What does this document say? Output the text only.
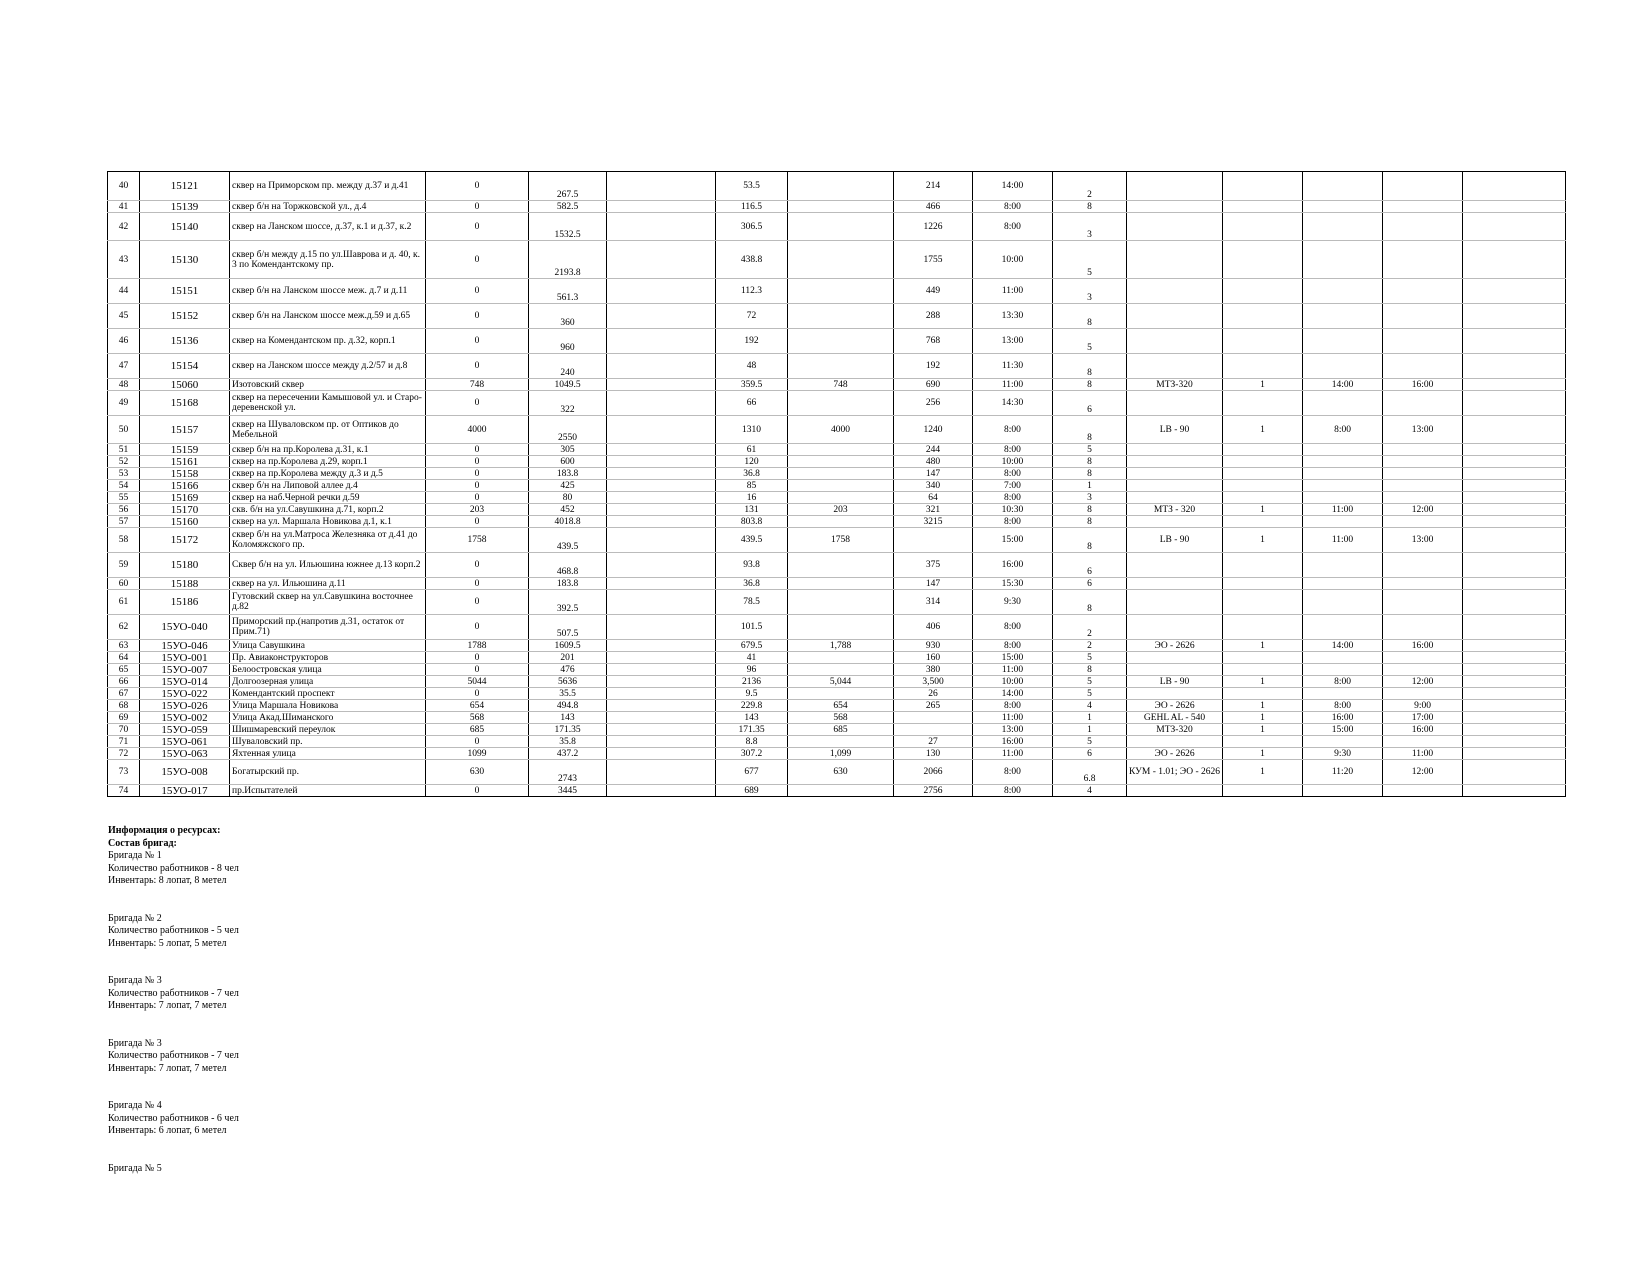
40	15121	сквер на Приморском пр. между д.37 и д.41	0	267.5		53.5		214	14:00	2					
41	15139	сквер б/н на Торжковской ул., д.4	0	582.5		116.5		466	8:00	8					
42	15140	сквер на Ланском шоссе, д.37, к.1 и д.37, к.2	0	1532.5		306.5		1226	8:00	3					
43	15130	сквер б/н между д.15 по ул.Шаврова и д. 40, к. 3 по Комендантскому пр.	0	2193.8		438.8		1755	10:00	5					
44	15151	сквер б/н на Ланском шоссе меж. д.7 и д.11	0	561.3		112.3		449	11:00	3					
45	15152	сквер б/н на Ланском шоссе меж.д.59 и д.65	0	360		72		288	13:30	8					
46	15136	сквер на Комендантском пр. д.32, корп.1	0	960		192		768	13:00	5					
47	15154	сквер на Ланском шоссе между д.2/57 и д.8	0	240		48		192	11:30	8					
48	15060	Изотовский сквер	748	1049.5		359.5	748	690	11:00	8	МТЗ-320	1	14:00	16:00	
49	15168	сквер на пересечении Камышовой ул. и Старо- деревенской ул.	0	322		66		256	14:30	6					
50	15157	сквер на Шуваловском пр. от Оптиков до Мебельной	4000	2550		1310	4000	1240	8:00	8	LB - 90	1	8:00	13:00	
51	15159	сквер б/н на пр.Королева д.31, к.1	0	305		61		244	8:00	5					
52	15161	сквер на пр.Королева д.29, корп.1	0	600		120		480	10:00	8					
53	15158	сквер на пр.Королева между д.3 и д.5	0	183.8		36.8		147	8:00	8					
54	15166	сквер б/н на Липовой аллее д.4	0	425		85		340	7:00	1					
55	15169	сквер на наб.Черной речки д.59	0	80		16		64	8:00	3					
56	15170	скв. б/н на ул.Савушкина д.71, корп.2	203	452		131	203	321	10:30	8	МТЗ - 320	1	11:00	12:00	
57	15160	сквер на ул. Маршала Новикова д.1, к.1	0	4018.8		803.8		3215	8:00	8					
58	15172	сквер б/н на ул.Матроса Железняка от д.41 до Коломяжского пр.	1758	439.5		439.5	1758		15:00	8	LB - 90	1	11:00	13:00	
59	15180	Сквер б/н на ул. Ильюшина южнее д.13 корп.2	0	468.8		93.8		375	16:00	6					
60	15188	сквер на ул. Ильюшина д.11	0	183.8		36.8		147	15:30	6					
61	15186	Гутовский сквер на ул.Савушкина восточнее д.82	0	392.5		78.5		314	9:30	8					
62	15УО-040	Приморский пр.(напротив д.31, остаток от Прим.71)	0	507.5		101.5		406	8:00	2					
63	15УО-046	Улица Савушкина	1788	1609.5		679.5	1,788	930	8:00	2	ЭО - 2626	1	14:00	16:00	
64	15УО-001	Пр. Авиаконструкторов	0	201		41		160	15:00	5					
65	15УО-007	Белоостровская улица	0	476		96		380	11:00	8					
66	15УО-014	Долгоозерная улица	5044	5636		2136	5,044	3,500	10:00	5	LB - 90	1	8:00	12:00	
67	15УО-022	Комендантский проспект	0	35.5		9.5		26	14:00	5					
68	15УО-026	Улица Маршала Новикова	654	494.8		229.8	654	265	8:00	4	ЭО - 2626	1	8:00	9:00	
69	15УО-002	Улица Акад.Шиманского	568	143		143	568		11:00	1	GEHL AL - 540	1	16:00	17:00	
70	15УО-059	Шишмаревский переулок	685	171.35		171.35	685		13:00	1	МТЗ-320	1	15:00	16:00	
71	15УО-061	Шуваловский пр.	0	35.8		8.8		27	16:00	5					
72	15УО-063	Яхтенная улица	1099	437.2		307.2	1,099	130	11:00	6	ЭО - 2626	1	9:30	11:00	
73	15УО-008	Богатырский пр.	630	2743		677	630	2066	8:00	6.8	КУМ - 1.01; ЭО - 2626	1	11:20	12:00	
74	15УО-017	пр.Испытателей	0	3445		689		2756	8:00	4					
Информация о ресурсах:
Состав бригад:
Бригада № 1
Количество работников - 8 чел
Инвентарь: 8 лопат, 8 метел
Бригада № 2
Количество работников - 5 чел
Инвентарь: 5 лопат, 5 метел
Бригада № 3
Количество работников - 7 чел
Инвентарь: 7 лопат, 7 метел
Бригада № 3
Количество работников - 7 чел
Инвентарь: 7 лопат, 7 метел
Бригада № 4
Количество работников - 6 чел
Инвентарь: 6 лопат, 6 метел
Бригада № 5
